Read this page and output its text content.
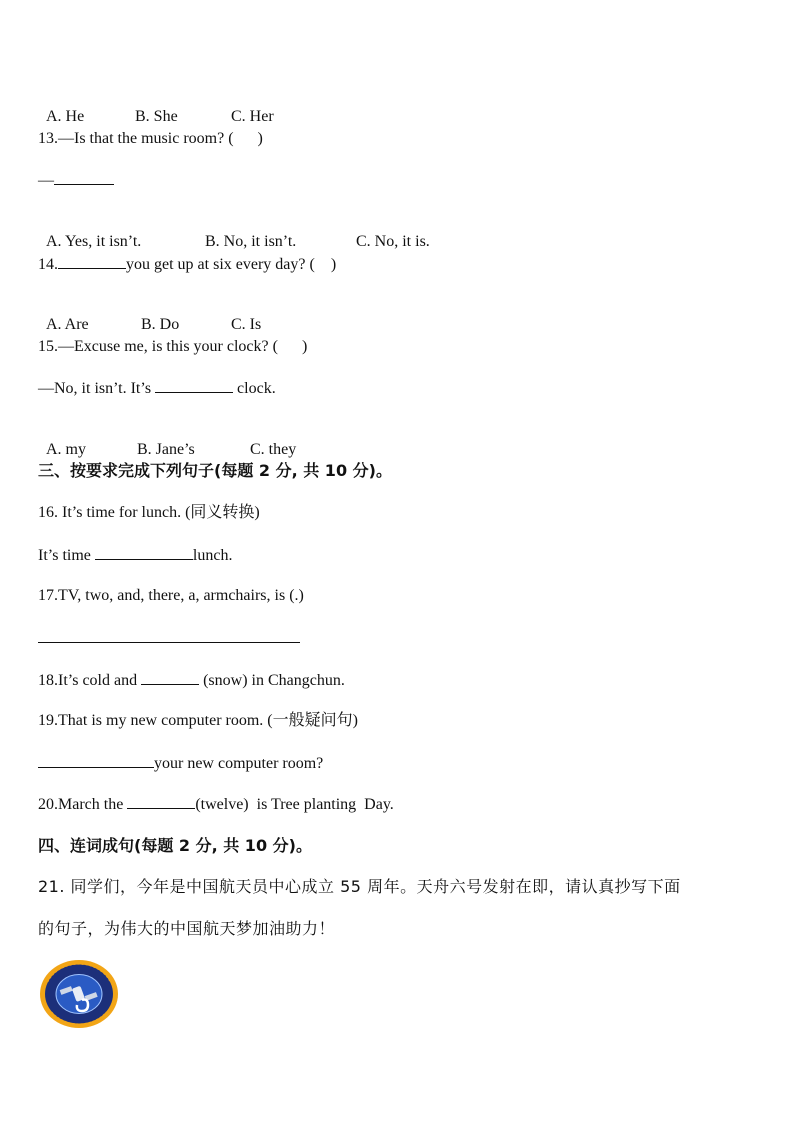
A. He	B. She	C. Her

13.—Is that the music room? (      )
—

A. Yes, it isn’t.	B. No, it isn’t.	C. No, it is.

14.	you get up at six every day? (    )

A. Are	B. Do	C. Is

15.—Excuse me, is this your clock? (      )
—No, it isn’t. It’s	clock.

A. my	B. Jane’s	C. they

三、按要求完成下列句子(每题 2 分, 共 10 分)。
16. It’s time for lunch. (同义转换)
It’s time	lunch.
17.TV, two, and, there, a, armchairs, is (.)
18.It’s cold and	(snow) in Changchun.
19.That is my new computer room. (一般疑问句)
your new computer room?
20.March the	(twelve)  is Tree planting  Day.
四、连词成句(每题 2 分, 共 10 分)。
21. 同学们，今年是中国航天员中心成立 55 周年。天舟六号发射在即，请认真抄写下面
的句子，为伟大的中国航天梦加油助力！
